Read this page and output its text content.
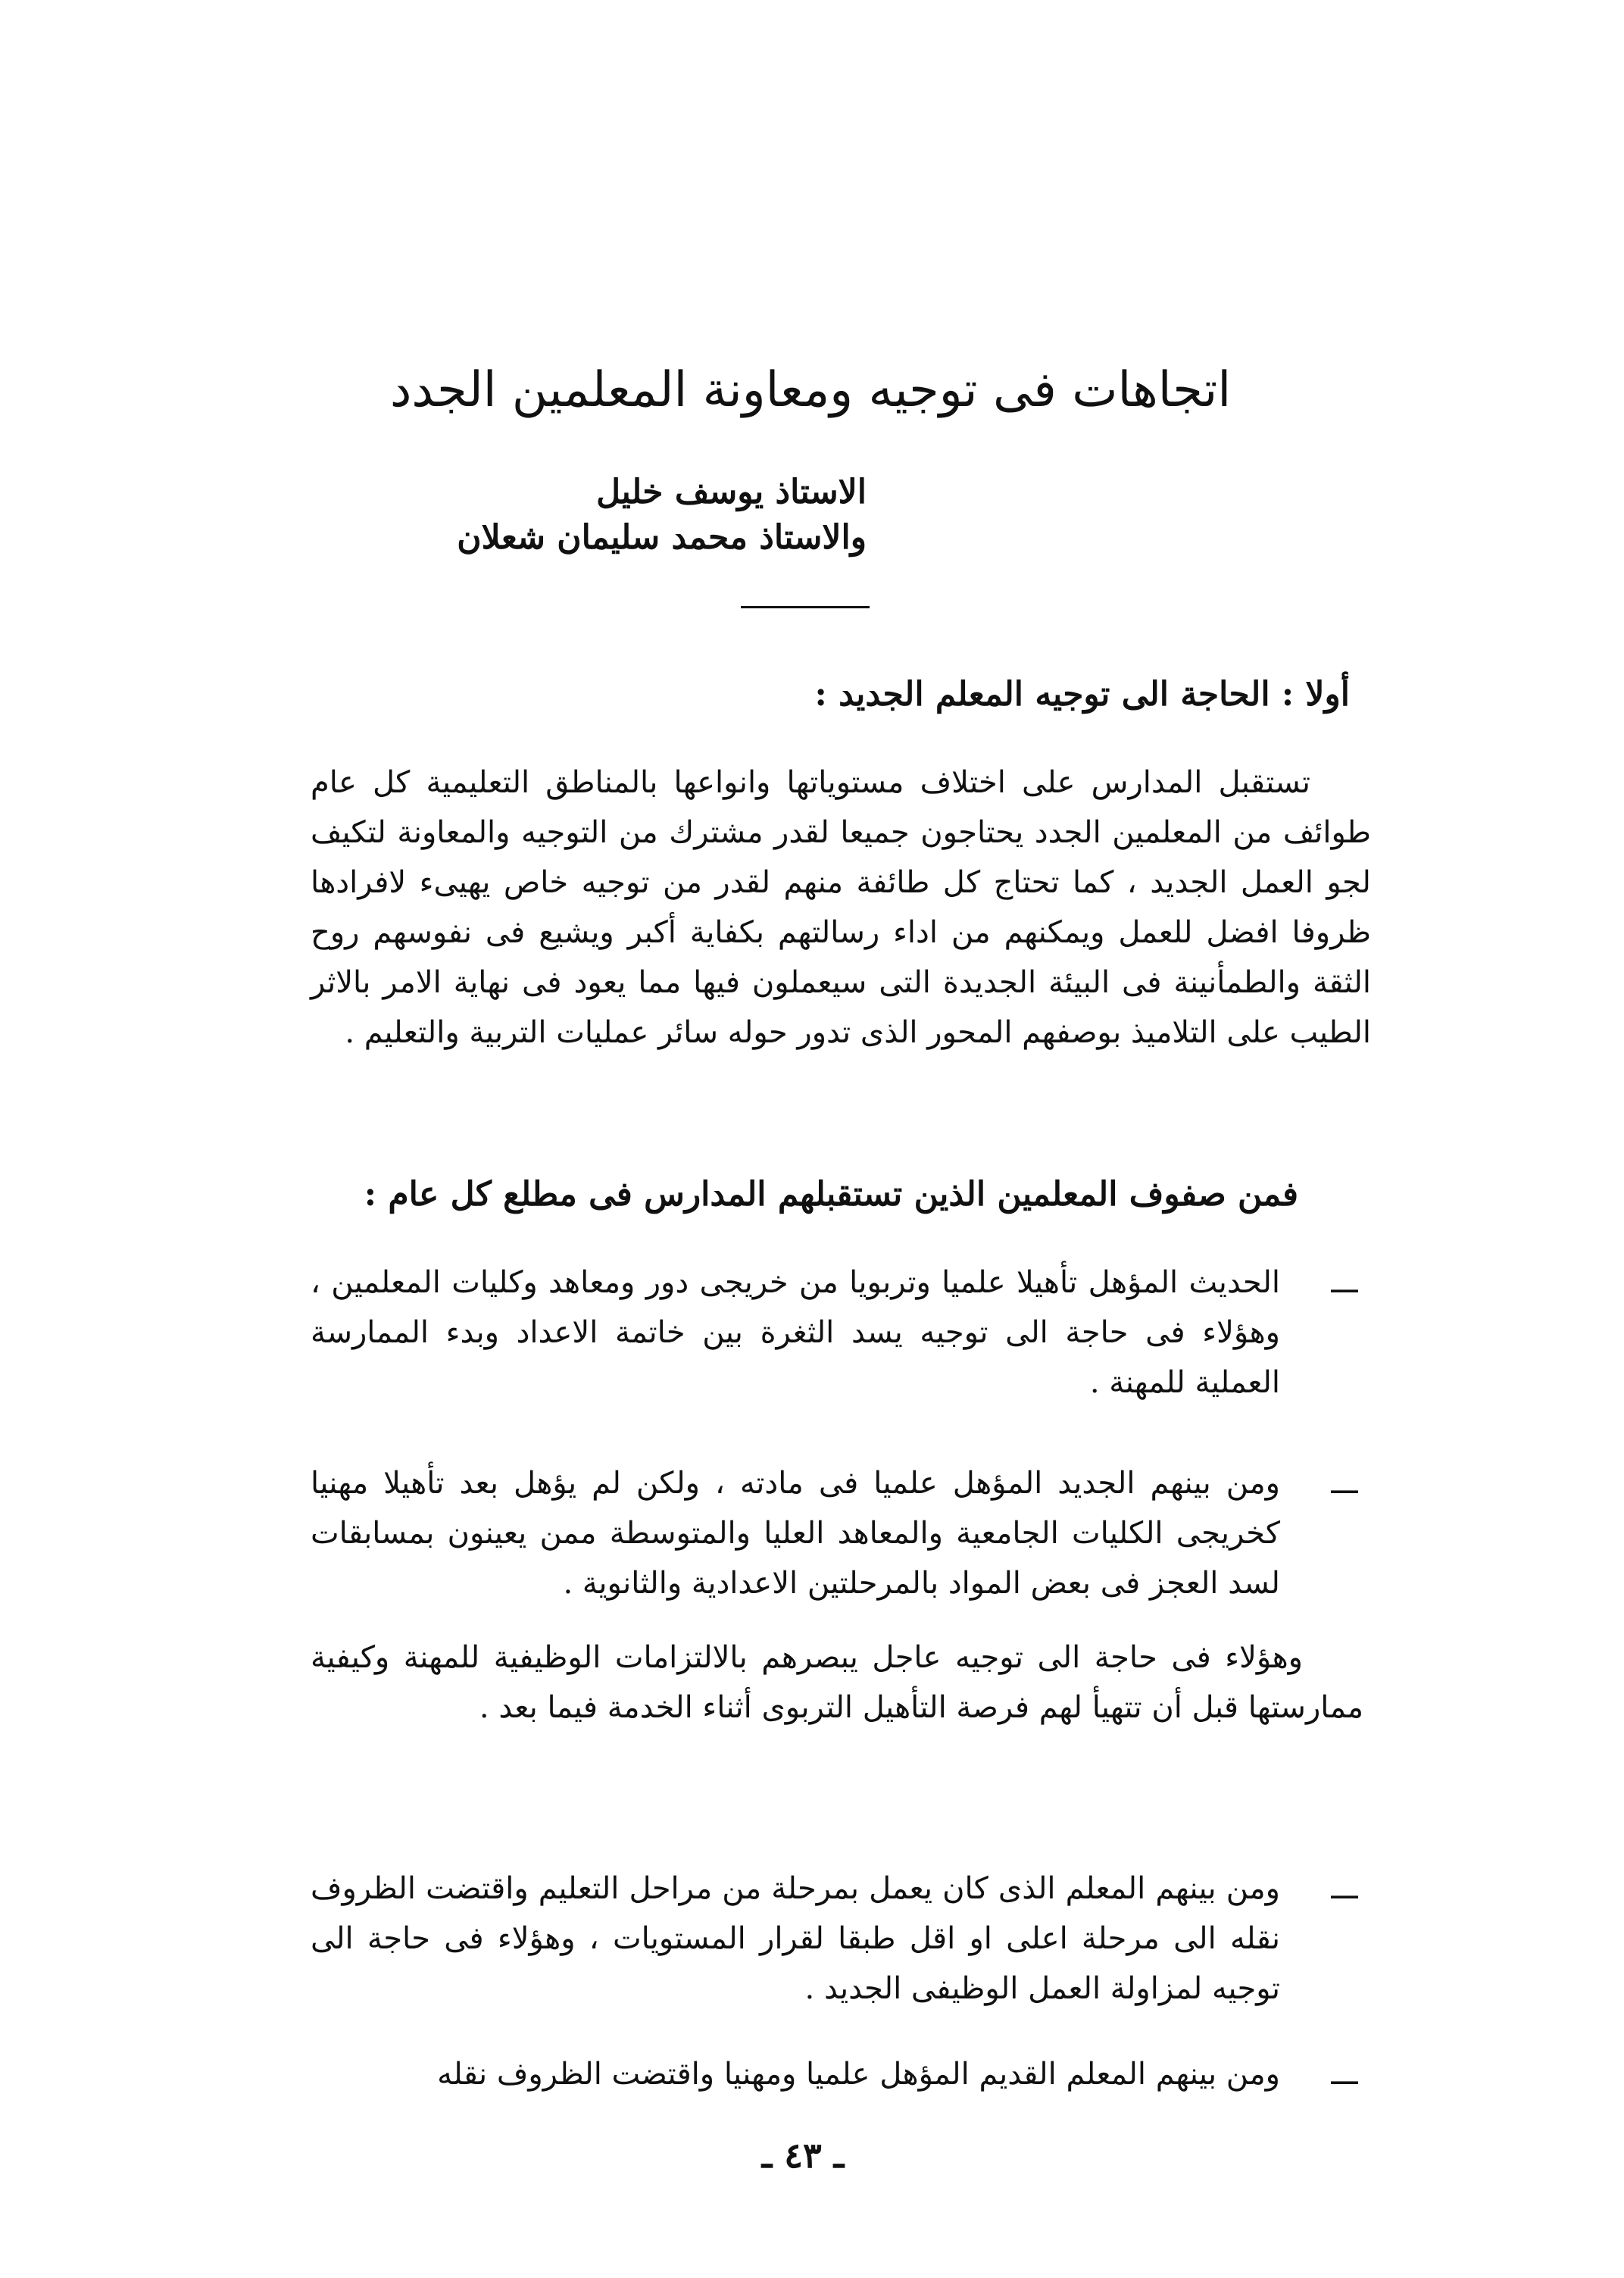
اتجاهات فى توجيه ومعاونة المعلمين الجدد
الاستاذ يوسف خليل
والاستاذ محمد سليمان شعلان
أولا : الحاجة الى توجيه المعلم الجديد :

تستقبل المدارس على اختلاف مستوياتها وانواعها بالمناطق التعليمية كل عام طوائف من المعلمين الجدد يحتاجون جميعا لقدر مشترك من التوجيه والمعاونة لتكيف لجو العمل الجديد ، كما تحتاج كل طائفة منهم لقدر من توجيه خاص يهيىء لافرادها ظروفا افضل للعمل ويمكنهم من اداء رسالتهم بكفاية أكبر ويشيع فى نفوسهم روح الثقة والطمأنينة فى البيئة الجديدة التى سيعملون فيها مما يعود فى نهاية الامر بالاثر الطيب على التلاميذ بوصفهم المحور الذى تدور حوله سائر عمليات التربية والتعليم .

فمن صفوف المعلمين الذين تستقبلهم المدارس فى مطلع كل عام :
ـــ
الحديث المؤهل تأهيلا علميا وتربويا من خريجى دور ومعاهد وكليات المعلمين ، وهؤلاء فى حاجة الى توجيه يسد الثغرة بين خاتمة الاعداد وبدء الممارسة العملية للمهنة .
ـــ
ومن بينهم الجديد المؤهل علميا فى مادته ، ولكن لم يؤهل بعد تأهيلا مهنيا كخريجى الكليات الجامعية والمعاهد العليا والمتوسطة ممن يعينون بمسابقات لسد العجز فى بعض المواد بالمرحلتين الاعدادية والثانوية .

وهؤلاء فى حاجة الى توجيه عاجل يبصرهم بالالتزامات الوظيفية للمهنة وكيفية ممارستها قبل أن تتهيأ لهم فرصة التأهيل التربوى أثناء الخدمة فيما بعد .

ـــ
ومن بينهم المعلم الذى كان يعمل بمرحلة من مراحل التعليم واقتضت الظروف نقله الى مرحلة اعلى او اقل طبقا لقرار المستويات ، وهؤلاء فى حاجة الى توجيه لمزاولة العمل الوظيفى الجديد .
ـــ
ومن بينهم المعلم القديم المؤهل علميا ومهنيا واقتضت الظروف نقله
ـ ٤٣ ـ
